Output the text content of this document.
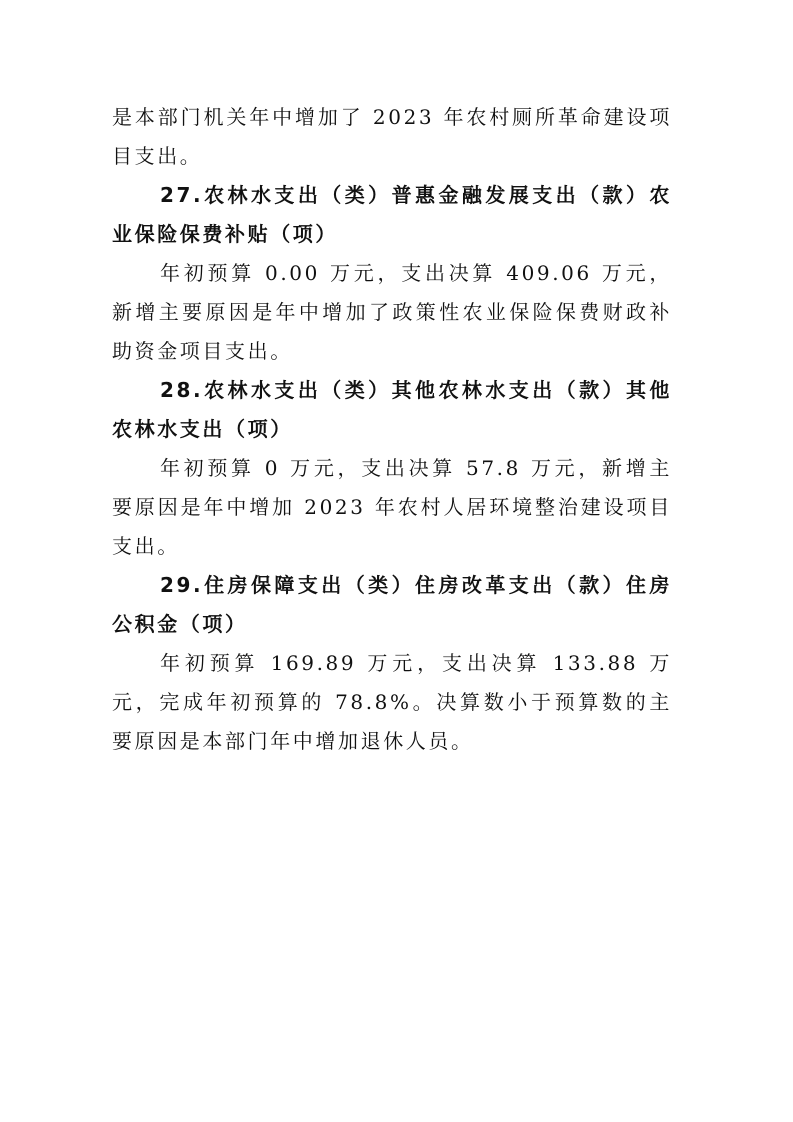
是本部门机关年中增加了 2023 年农村厕所革命建设项目支出。

27.农林水支出（类）普惠金融发展支出（款）农业保险保费补贴（项）

年初预算 0.00 万元，支出决算 409.06 万元，新增主要原因是年中增加了政策性农业保险保费财政补助资金项目支出。

28.农林水支出（类）其他农林水支出（款）其他农林水支出（项）

年初预算 0 万元，支出决算 57.8 万元，新增主要原因是年中增加 2023 年农村人居环境整治建设项目支出。

29.住房保障支出（类）住房改革支出（款）住房公积金（项）

年初预算 169.89 万元，支出决算 133.88 万元，完成年初预算的 78.8%。决算数小于预算数的主要原因是本部门年中增加退休人员。
